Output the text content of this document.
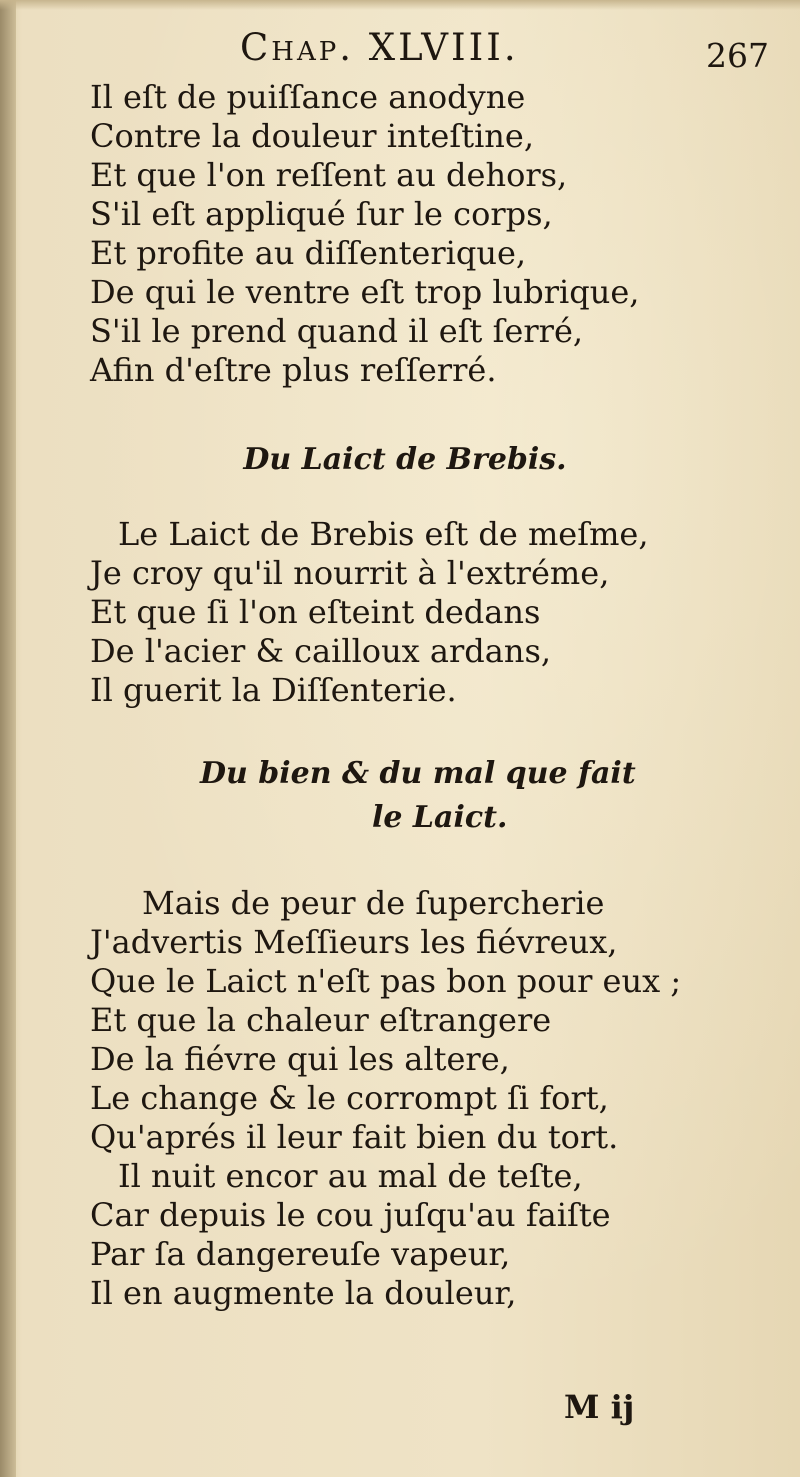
Chap. XLVIII.	267
Il eſt de puiſſance anodyne
Contre la douleur inteſtine,
Et que l'on reſſent au dehors,
S'il eſt appliqué ſur le corps,
Et profite au diſſenterique,
De qui le ventre eſt trop lubrique,
S'il le prend quand il eſt ſerré,
Afin d'eſtre plus reſſerré.

Du Laict de Brebis.

Le Laict de Brebis eſt de meſme,
Je croy qu'il nourrit à l'extréme,
Et que ſi l'on eſteint dedans
De l'acier & cailloux ardans,
Il guerit la Diſſenterie.

Du bien & du mal que fait
le Laict.

Mais de peur de ſupercherie
J'advertis Meſſieurs les fiévreux,
Que le Laict n'eſt pas bon pour eux ;
Et que la chaleur eſtrangere
De la fiévre qui les altere,
Le change & le corrompt ſi fort,
Qu'aprés il leur fait bien du tort.
Il nuit encor au mal de teſte,
Car depuis le cou juſqu'au faiſte
Par ſa dangereuſe vapeur,
Il en augmente la douleur,
M ij
